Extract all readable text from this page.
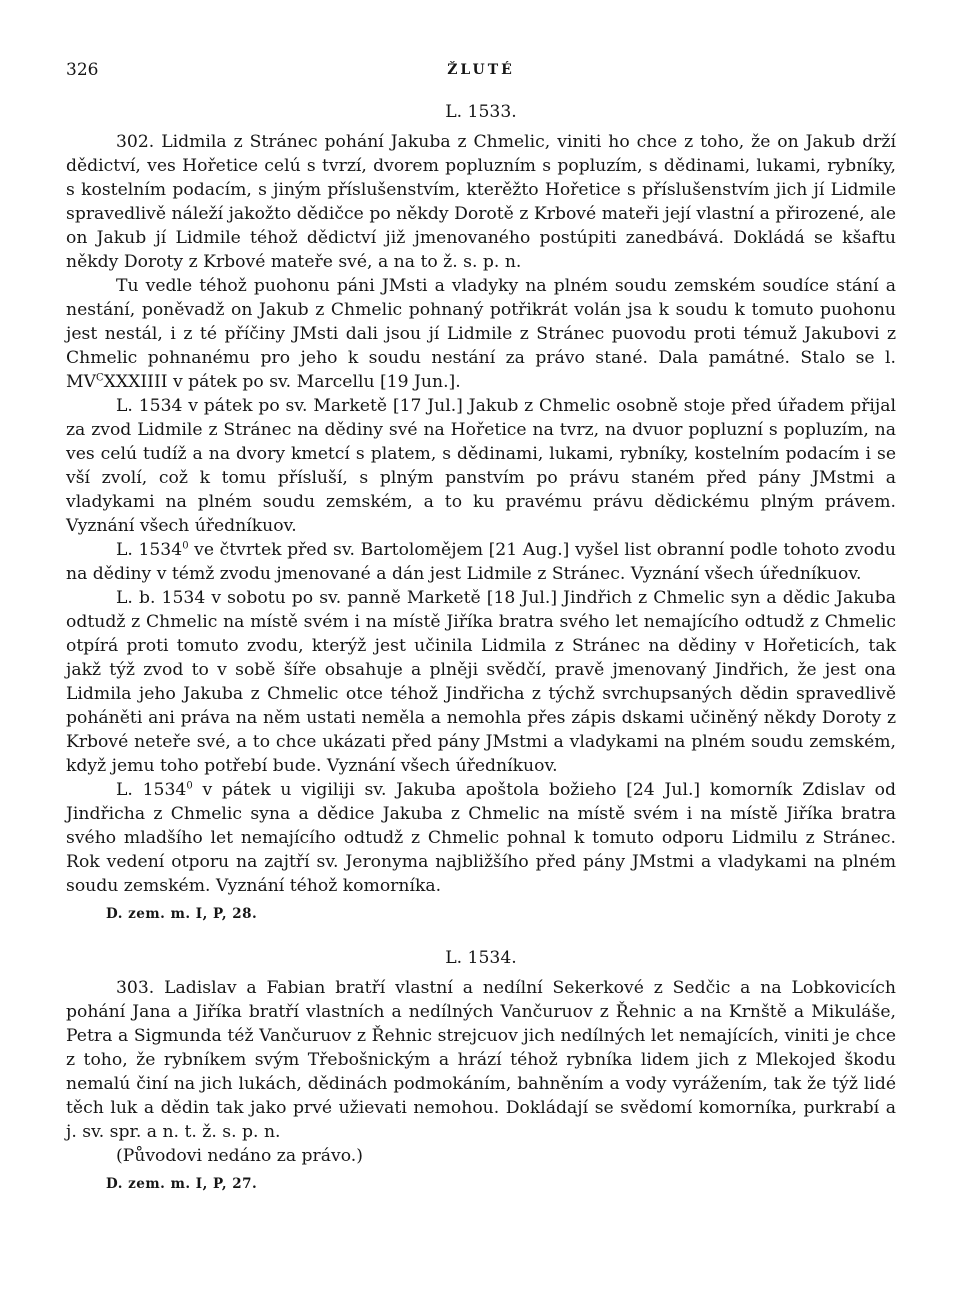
326	ŽLUTÉ
L. 1533.

302. Lidmila z Stránec pohání Jakuba z Chmelic, viniti ho chce z toho, že on Jakub drží dědictví, ves Hořetice celú s tvrzí, dvorem popluzním s popluzím, s dědinami, lukami, rybníky, s kostelním podacím, s jiným příslušenstvím, kterěžto Hořetice s příslušenstvím jich jí Lidmile spravedlivě náleží jakožto dědičce po někdy Dorotě z Krbové mateři její vlastní a přirozené, ale on Jakub jí Lidmile téhož dědictví již jmenovaného postúpiti zanedbává. Dokládá se kšaftu někdy Doroty z Krbové mateře své, a na to ž. s. p. n.

Tu vedle téhož puohonu páni JMsti a vladyky na plném soudu zemském soudíce stání a nestání, poněvadž on Jakub z Chmelic pohnaný potřikrát volán jsa k soudu k tomuto puohonu jest nestál, i z té příčiny JMsti dali jsou jí Lidmile z Stránec puovodu proti témuž Jakubovi z Chmelic pohnanému pro jeho k soudu nestání za právo stané. Dala památné. Stalo se l. $MV^CXXXIIII$ v pátek po sv. Marcellu [19 Jun.].

L. 1534 v pátek po sv. Marketě [17 Jul.] Jakub z Chmelic osobně stoje před úřadem přijal za zvod Lidmile z Stránec na dědiny své na Hořetice na tvrz, na dvuor popluzní s popluzím, na ves celú tudíž a na dvory kmetcí s platem, s dědinami, lukami, rybníky, kostelním podacím i se vší zvolí, což k tomu přísluší, s plným panstvím po právu staném před pány JMstmi a vladykami na plném soudu zemském, a to ku pravému právu dědickému plným právem. Vyznání všech úředníkuov.

L. 1534$^0$ ve čtvrtek před sv. Bartolomějem [21 Aug.] vyšel list obranní podle tohoto zvodu na dědiny v témž zvodu jmenované a dán jest Lidmile z Stránec. Vyznání všech úředníkuov.

L. b. 1534 v sobotu po sv. panně Marketě [18 Jul.] Jindřich z Chmelic syn a dědic Jakuba odtudž z Chmelic na místě svém i na místě Jiříka bratra svého let nemajícího odtudž z Chmelic otpírá proti tomuto zvodu, kterýž jest učinila Lidmila z Stránec na dědiny v Hořeticích, tak jakž týž zvod to v sobě šíře obsahuje a plněji svědčí, pravě jmenovaný Jindřich, že jest ona Lidmila jeho Jakuba z Chmelic otce téhož Jindřicha z týchž svrchupsaných dědin spravedlivě poháněti ani práva na něm ustati neměla a nemohla přes zápis dskami učiněný někdy Doroty z Krbové neteře své, a to chce ukázati před pány JMstmi a vladykami na plném soudu zemském, když jemu toho potřebí bude. Vyznání všech úředníkuov.

L. 1534$^0$ v pátek u vigiliji sv. Jakuba apoštola božieho [24 Jul.] komorník Zdislav od Jindřicha z Chmelic syna a dědice Jakuba z Chmelic na místě svém i na místě Jiříka bratra svého mladšího let nemajícího odtudž z Chmelic pohnal k tomuto odporu Lidmilu z Stránec. Rok vedení otporu na zajtří sv. Jeronyma najbližšího před pány JMstmi a vladykami na plném soudu zemském. Vyznání téhož komorníka.

D. zem. m. I, P, 28.
L. 1534.

303. Ladislav a Fabian bratří vlastní a nedílní Sekerkové z Sedčic a na Lobkovicích pohání Jana a Jiříka bratří vlastních a nedílných Vančuruov z Řehnic a na Krnště a Mikuláše, Petra a Sigmunda též Vančuruov z Řehnic strejcuov jich nedílných let nemajících, viniti je chce z toho, že rybníkem svým Třebošnickým a hrází téhož rybníka lidem jich z Mlekojed škodu nemalú činí na jich lukách, dědinách podmokáním, bahněním a vody vyrážením, tak že týž lidé těch luk a dědin tak jako prvé užievati nemohou. Dokládají se svědomí komorníka, purkrabí a j. sv. spr. a n. t. ž. s. p. n.

(Původovi nedáno za právo.)

D. zem. m. I, P, 27.
